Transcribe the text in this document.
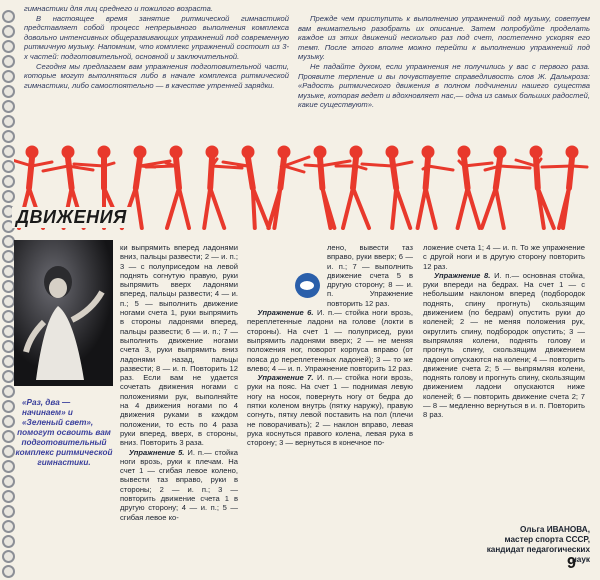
гимнастики для лиц среднего и пожилого возраста.

В настоящее время занятие ритмической гимнастикой представляет собой процесс непрерывного выполнения комплекса довольно интенсивных общеразвивающих упражнений под современную ритмичную музыку. Напомним, что комплекс упражнений состоит из 3-х частей: подготовительной, основной и заключительной.

Сегодня мы предлагаем вам упражнения подготовительной части, которые могут выполняться либо в начале комплекса ритмической гимнастики, либо самостоятельно — в качестве утренней зарядки.

Прежде чем приступить к выполнению упражнений под музыку, советуем вам внимательно разобрать их описание. Затем попробуйте проделать каждое из этих движений несколько раз под счет, постепенно ускоряя его темп. После этого вполне можно перейти к выполнению упражнений под музыку.

Не падайте духом, если упражнения не получились у вас с первого раза. Проявите терпение и вы почувствуете справедливость слов Ж. Далькроза: «Радость ритмического движения в полном подчинении нашего существа музыке, которая ведет и вдохновляет нас,— одна из самых больших радостей, какие существуют».

ДВИЖЕНИЯ
«Раз, два — начинаем» и «Зеленый свет»,
помогут освоить вам подготовительный комплекс ритмической гимнастики.
ки выпрямить вперед ладонями вниз, пальцы развести; 2 — и. п.; 3 — с полуприседом на левой поднять согнутую правую, руки выпрямить вверх ладонями вперед, пальцы развести; 4 — и. п.; 5 — выполнить движение ногами счета 1, руки выпрямить в стороны ладонями вперед, пальцы развести; 6 — и. п.; 7 — выполнить движение ногами счета 3, руки выпрямить вниз ладонями назад, пальцы развести; 8 — и. п. Повторить 12 раз. Если вам не удается сочетать движения ногами с положениями рук, выполняйте на 4 движения ногами по 4 движения руками в каждом положении, то есть по 4 раза руки вперед, вверх, в стороны, вниз. Повторить 3 раза.
Упражнение 5. И. п.— стойка ноги врозь, руки к плечам. На счет 1 — сгибая левое колено, вывести таз вправо, руки в стороны; 2 — и. п.; 3 — повторить движение счета 1 в другую сторону; 4 — и. п.; 5 — сгибая левое ко-
лено, вывести таз вправо, руки вверх; 6 — и. п.; 7 — выполнить движение счета 5 в другую сторону; 8 — и. п. Упражнение повторить 12 раз.
Упражнение 6. И. п.— стойка ноги врозь, переплетенные ладони на голове (локти в стороны). На счет 1 — полуприсед, руки выпрямить ладонями вверх; 2 — не меняя положения ног, поворот корпуса вправо (от пояса до переплетенных ладоней); 3 — то же влево; 4 — и. п. Упражнение повторить 12 раз.
Упражнение 7. И. п.— стойка ноги врозь, руки на пояс. На счет 1 — поднимая левую ногу на носок, повернуть ногу от бедра до пятки коленом внутрь (пятку наружу), правую согнуть, пятку левой поставить на пол (плечи не поворачивать); 2 — наклон вправо, левая рука коснуться правого колена, левая рука в сторону; 3 — вернуться в конечное по-
ложение счета 1; 4 — и. п. То же упражнение с другой ноги и в другую сторону повторить 12 раз.
Упражнение 8. И. п.— основная стойка, руки впереди на бедрах. На счет 1 — с небольшим наклоном вперед (подбородок поднять, спину прогнуть) скользящим движением (по бедрам) опустить руки до коленей; 2 — не меняя положения рук, округлить спину, подбородок опустить; 3 — выпрямляя колени, поднять голову и прогнуть спину, скользящим движением ладони опускаются на колени; 4 — повторить движение счета 2; 5 — выпрямляя колени, поднять голову и прогнуть спину, скользящим движением ладони опускаются ниже коленей; 6 — повторить движение счета 2; 7 — 8 — медленно вернуться в и. п. Повторить 8 раз.
Ольга ИВАНОВА,
мастер спорта СССР,
кандидат педагогических
наук
9
